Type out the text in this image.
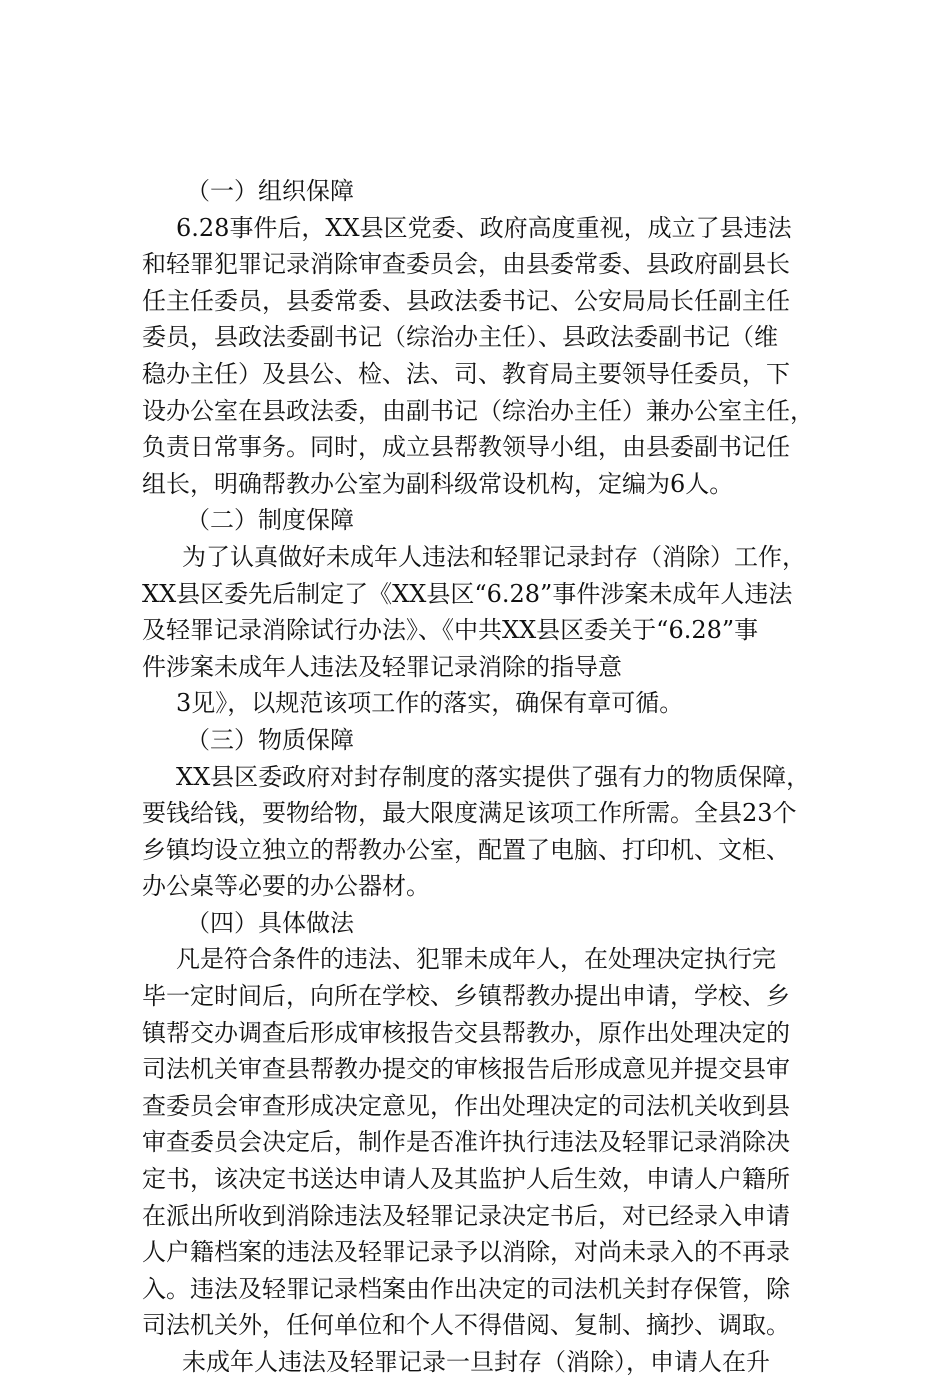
（一）组织保障
6.28事件后，XX县区党委、政府高度重视，成立了县违法
和轻罪犯罪记录消除审查委员会，由县委常委、县政府副县长
任主任委员，县委常委、县政法委书记、公安局局长任副主任
委员，县政法委副书记（综治办主任）、县政法委副书记（维
稳办主任）及县公、检、法、司、教育局主要领导任委员，下
设办公室在县政法委，由副书记（综治办主任）兼办公室主任，
负责日常事务。同时，成立县帮教领导小组，由县委副书记任
组长，明确帮教办公室为副科级常设机构，定编为6人。
（二）制度保障
为了认真做好未成年人违法和轻罪记录封存（消除）工作，
XX县区委先后制定了《XX县区“6.28”事件涉案未成年人违法
及轻罪记录消除试行办法》、《中共XX县区委关于“6.28”事
件涉案未成年人违法及轻罪记录消除的指导意
3见》，以规范该项工作的落实，确保有章可循。
（三）物质保障
XX县区委政府对封存制度的落实提供了强有力的物质保障，
要钱给钱，要物给物，最大限度满足该项工作所需。全县23个
乡镇均设立独立的帮教办公室，配置了电脑、打印机、文柜、
办公桌等必要的办公器材。
（四）具体做法
凡是符合条件的违法、犯罪未成年人，在处理决定执行完
毕一定时间后，向所在学校、乡镇帮教办提出申请，学校、乡
镇帮交办调查后形成审核报告交县帮教办，原作出处理决定的
司法机关审查县帮教办提交的审核报告后形成意见并提交县审
查委员会审查形成决定意见，作出处理决定的司法机关收到县
审查委员会决定后，制作是否准许执行违法及轻罪记录消除决
定书，该决定书送达申请人及其监护人后生效，申请人户籍所
在派出所收到消除违法及轻罪记录决定书后，对已经录入申请
人户籍档案的违法及轻罪记录予以消除，对尚未录入的不再录
入。违法及轻罪记录档案由作出决定的司法机关封存保管，除
司法机关外，任何单位和个人不得借阅、复制、摘抄、调取。
未成年人违法及轻罪记录一旦封存（消除），申请人在升
